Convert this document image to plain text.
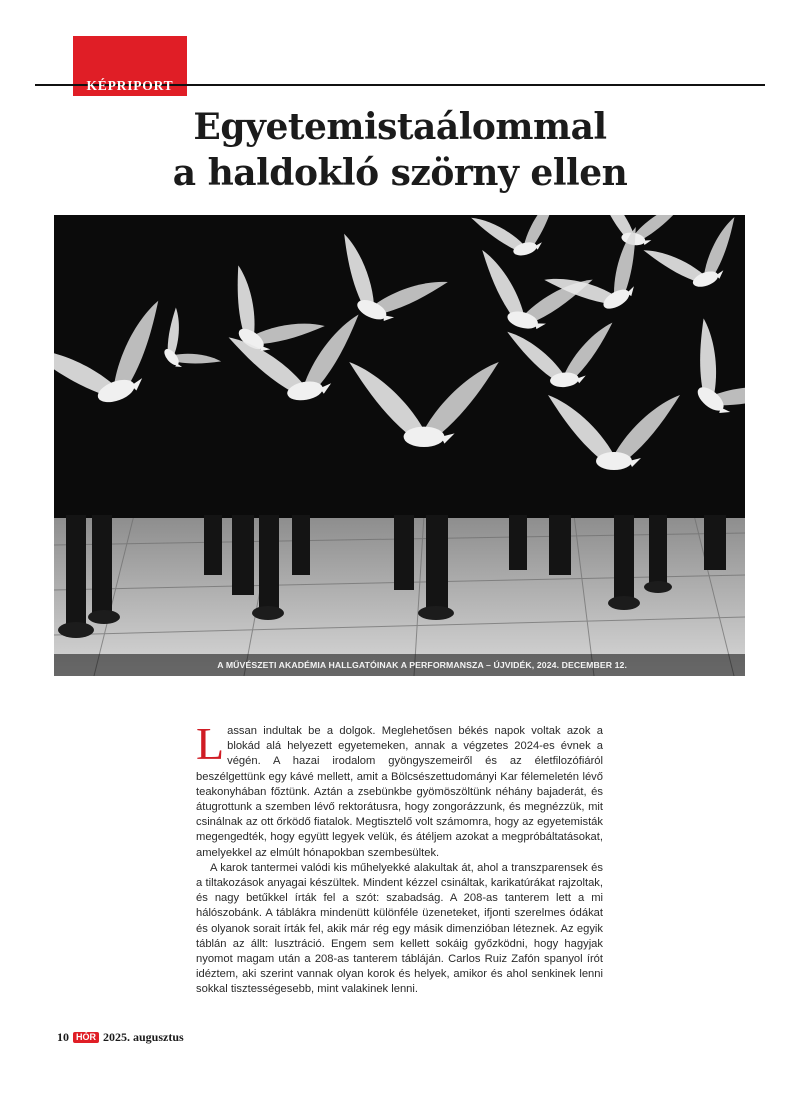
KÉPRIPORT
Egyetemistaálommal
a haldokló szörny ellen
A MŰVÉSZETI AKADÉMIA HALLGATÓINAK A PERFORMANSZA – ÚJVIDÉK, 2024. DECEMBER 12.

Lassan indultak be a dolgok. Meglehetősen békés napok voltak azok a blokád alá helyezett egyetemeken, annak a végzetes 2024-es évnek a végén. A hazai irodalom gyöngyszemeiről és az életfilozófiáról beszélgettünk egy kávé mellett, amit a Bölcsészettudományi Kar félemeletén lévő teakonyhában főztünk. Aztán a zsebünkbe gyömöszöltünk néhány bajaderát, és átugrottunk a szemben lévő rektorátusra, hogy zongorázzunk, és megnézzük, mit csinálnak az ott őrködő fiatalok. Megtisztelő volt számomra, hogy az egyetemisták megengedték, hogy együtt legyek velük, és átéljem azokat a megpróbáltatásokat, amelyekkel az elmúlt hónapokban szembesültek.

A karok tantermei valódi kis műhelyekké alakultak át, ahol a transzparensek és a tiltakozások anyagai készültek. Mindent kézzel csináltak, karikatúrákat rajzoltak, és nagy betűkkel írták fel a szót: szabadság. A 208-as tanterem lett a mi hálószobánk. A táblákra mindenütt különféle üzeneteket, ifjonti szerelmes ódákat és olyanok sorait írták fel, akik már rég egy másik dimenzióban léteznek. Az egyik táblán az állt: lusztráció. Engem sem kellett sokáig győzködni, hogy hagyjak nyomot magam után a 208-as tanterem tábláján. Carlos Ruiz Zafón spanyol írót idéztem, aki szerint vannak olyan korok és helyek, amikor és ahol senkinek lenni sokkal tisztességesebb, mint valakinek lenni.

10 HÓR 2025. augusztus
